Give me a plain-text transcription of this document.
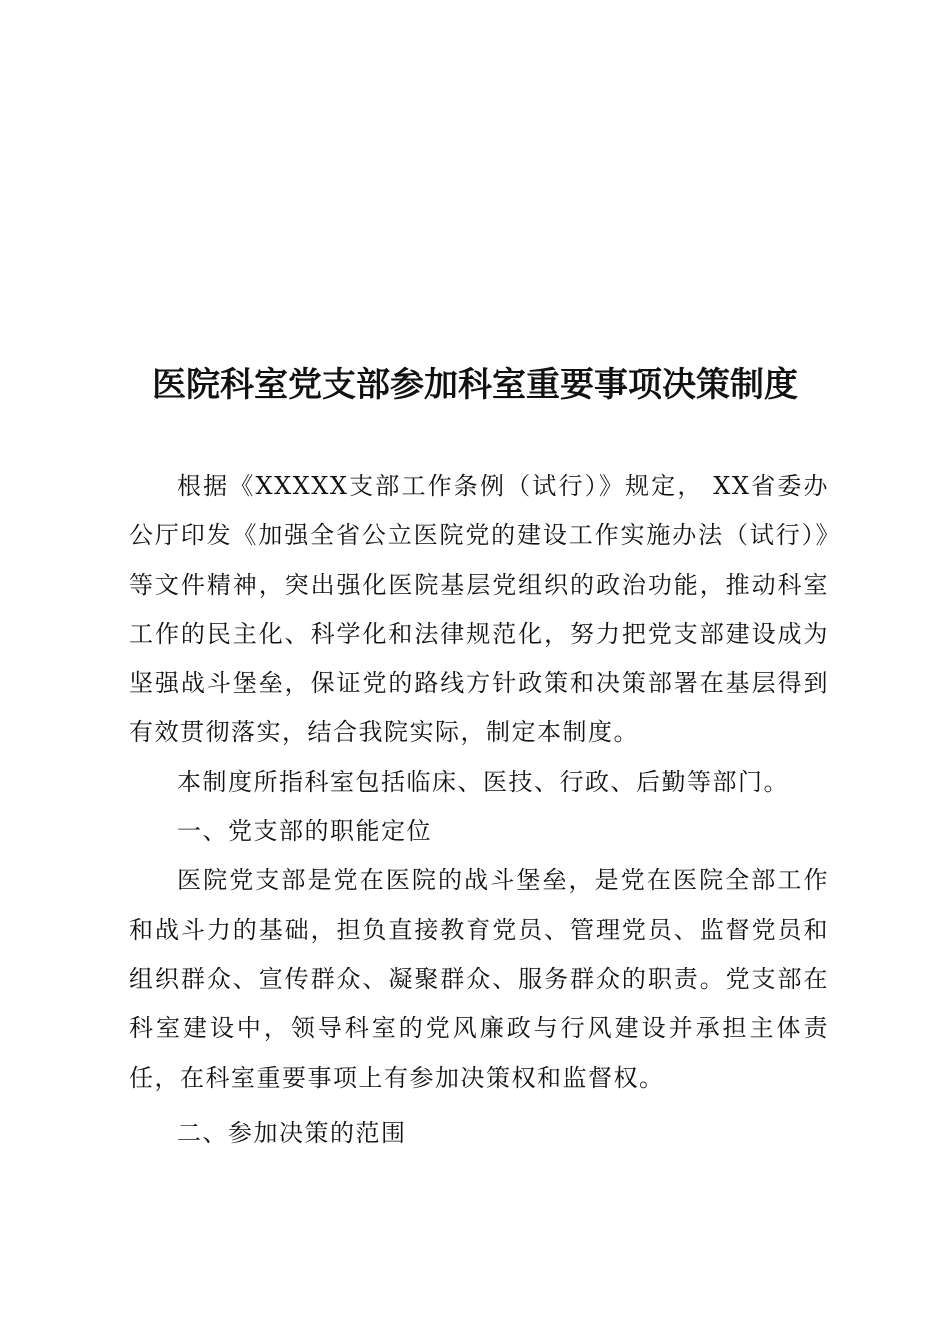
医院科室党支部参加科室重要事项决策制度

根据《XXXXX支部工作条例（试行）》规定， XX省委办公厅印发《加强全省公立医院党的建设工作实施办法（试行）》等文件精神，突出强化医院基层党组织的政治功能，推动科室工作的民主化、科学化和法律规范化，努力把党支部建设成为坚强战斗堡垒，保证党的路线方针政策和决策部署在基层得到有效贯彻落实，结合我院实际，制定本制度。

本制度所指科室包括临床、医技、行政、后勤等部门。

一、党支部的职能定位

医院党支部是党在医院的战斗堡垒，是党在医院全部工作和战斗力的基础，担负直接教育党员、管理党员、监督党员和组织群众、宣传群众、凝聚群众、服务群众的职责。党支部在科室建设中，领导科室的党风廉政与行风建设并承担主体责任，在科室重要事项上有参加决策权和监督权。

二、参加决策的范围
